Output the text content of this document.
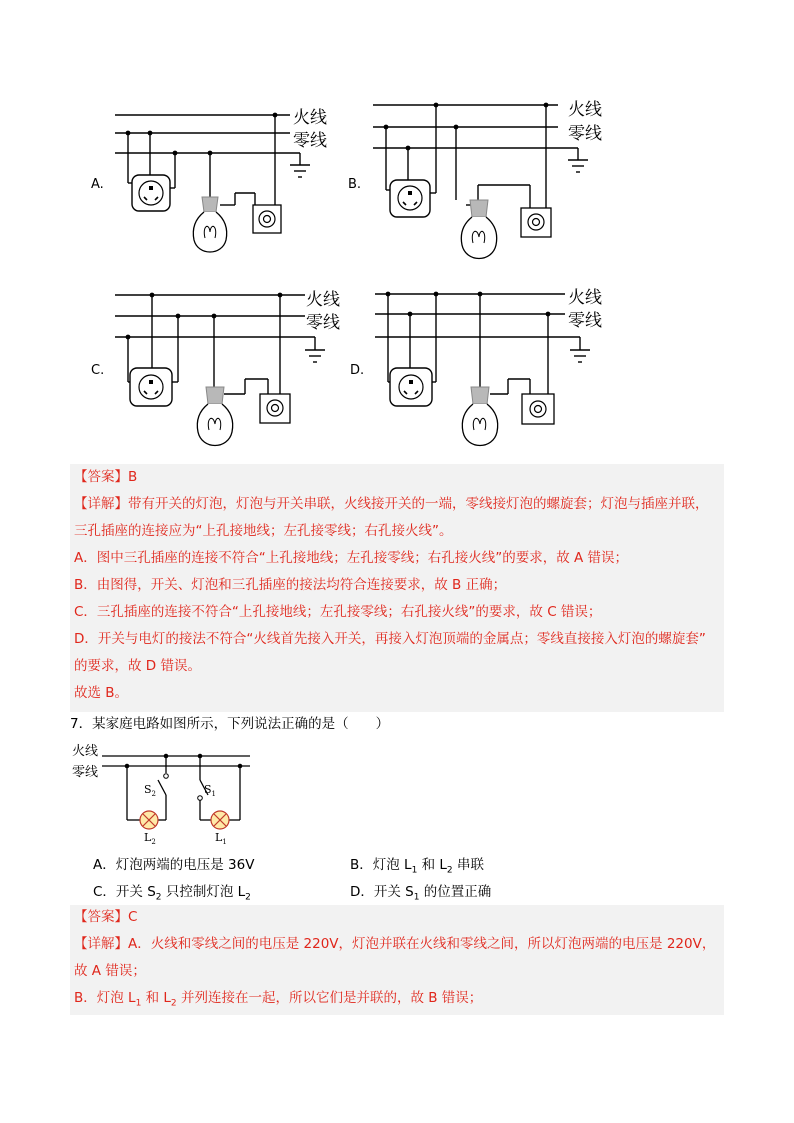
A.
火线
零线
B.
火线
零线
C.
火线
零线
D.
火线
零线
【答案】B
【详解】带有开关的灯泡，灯泡与开关串联，火线接开关的一端，零线接灯泡的螺旋套；灯泡与插座并联，
三孔插座的连接应为“上孔接地线；左孔接零线；右孔接火线”。
A．图中三孔插座的连接不符合“上孔接地线；左孔接零线；右孔接火线”的要求，故 A 错误；
B．由图得，开关、灯泡和三孔插座的接法均符合连接要求，故 B 正确；
C．三孔插座的连接不符合“上孔接地线；左孔接零线；右孔接火线”的要求，故 C 错误；
D．开关与电灯的接法不符合“火线首先接入开关，再接入灯泡顶端的金属点；零线直接接入灯泡的螺旋套”
的要求，故 D 错误。
故选 B。
7．某家庭电路如图所示，下列说法正确的是（　　）
火线
零线
$S_2$	$S_1$
$L_2$	$L_1$
A．灯泡两端的电压是 36V	B．灯泡 $L_1$ 和 $L_2$ 串联
C．开关 $S_2$ 只控制灯泡 $L_2$	D．开关 $S_1$ 的位置正确
【答案】C
【详解】A．火线和零线之间的电压是 220V，灯泡并联在火线和零线之间，所以灯泡两端的电压是 220V，
故 A 错误；
B．灯泡 $L_1$ 和 $L_2$ 并列连接在一起，所以它们是并联的，故 B 错误；
